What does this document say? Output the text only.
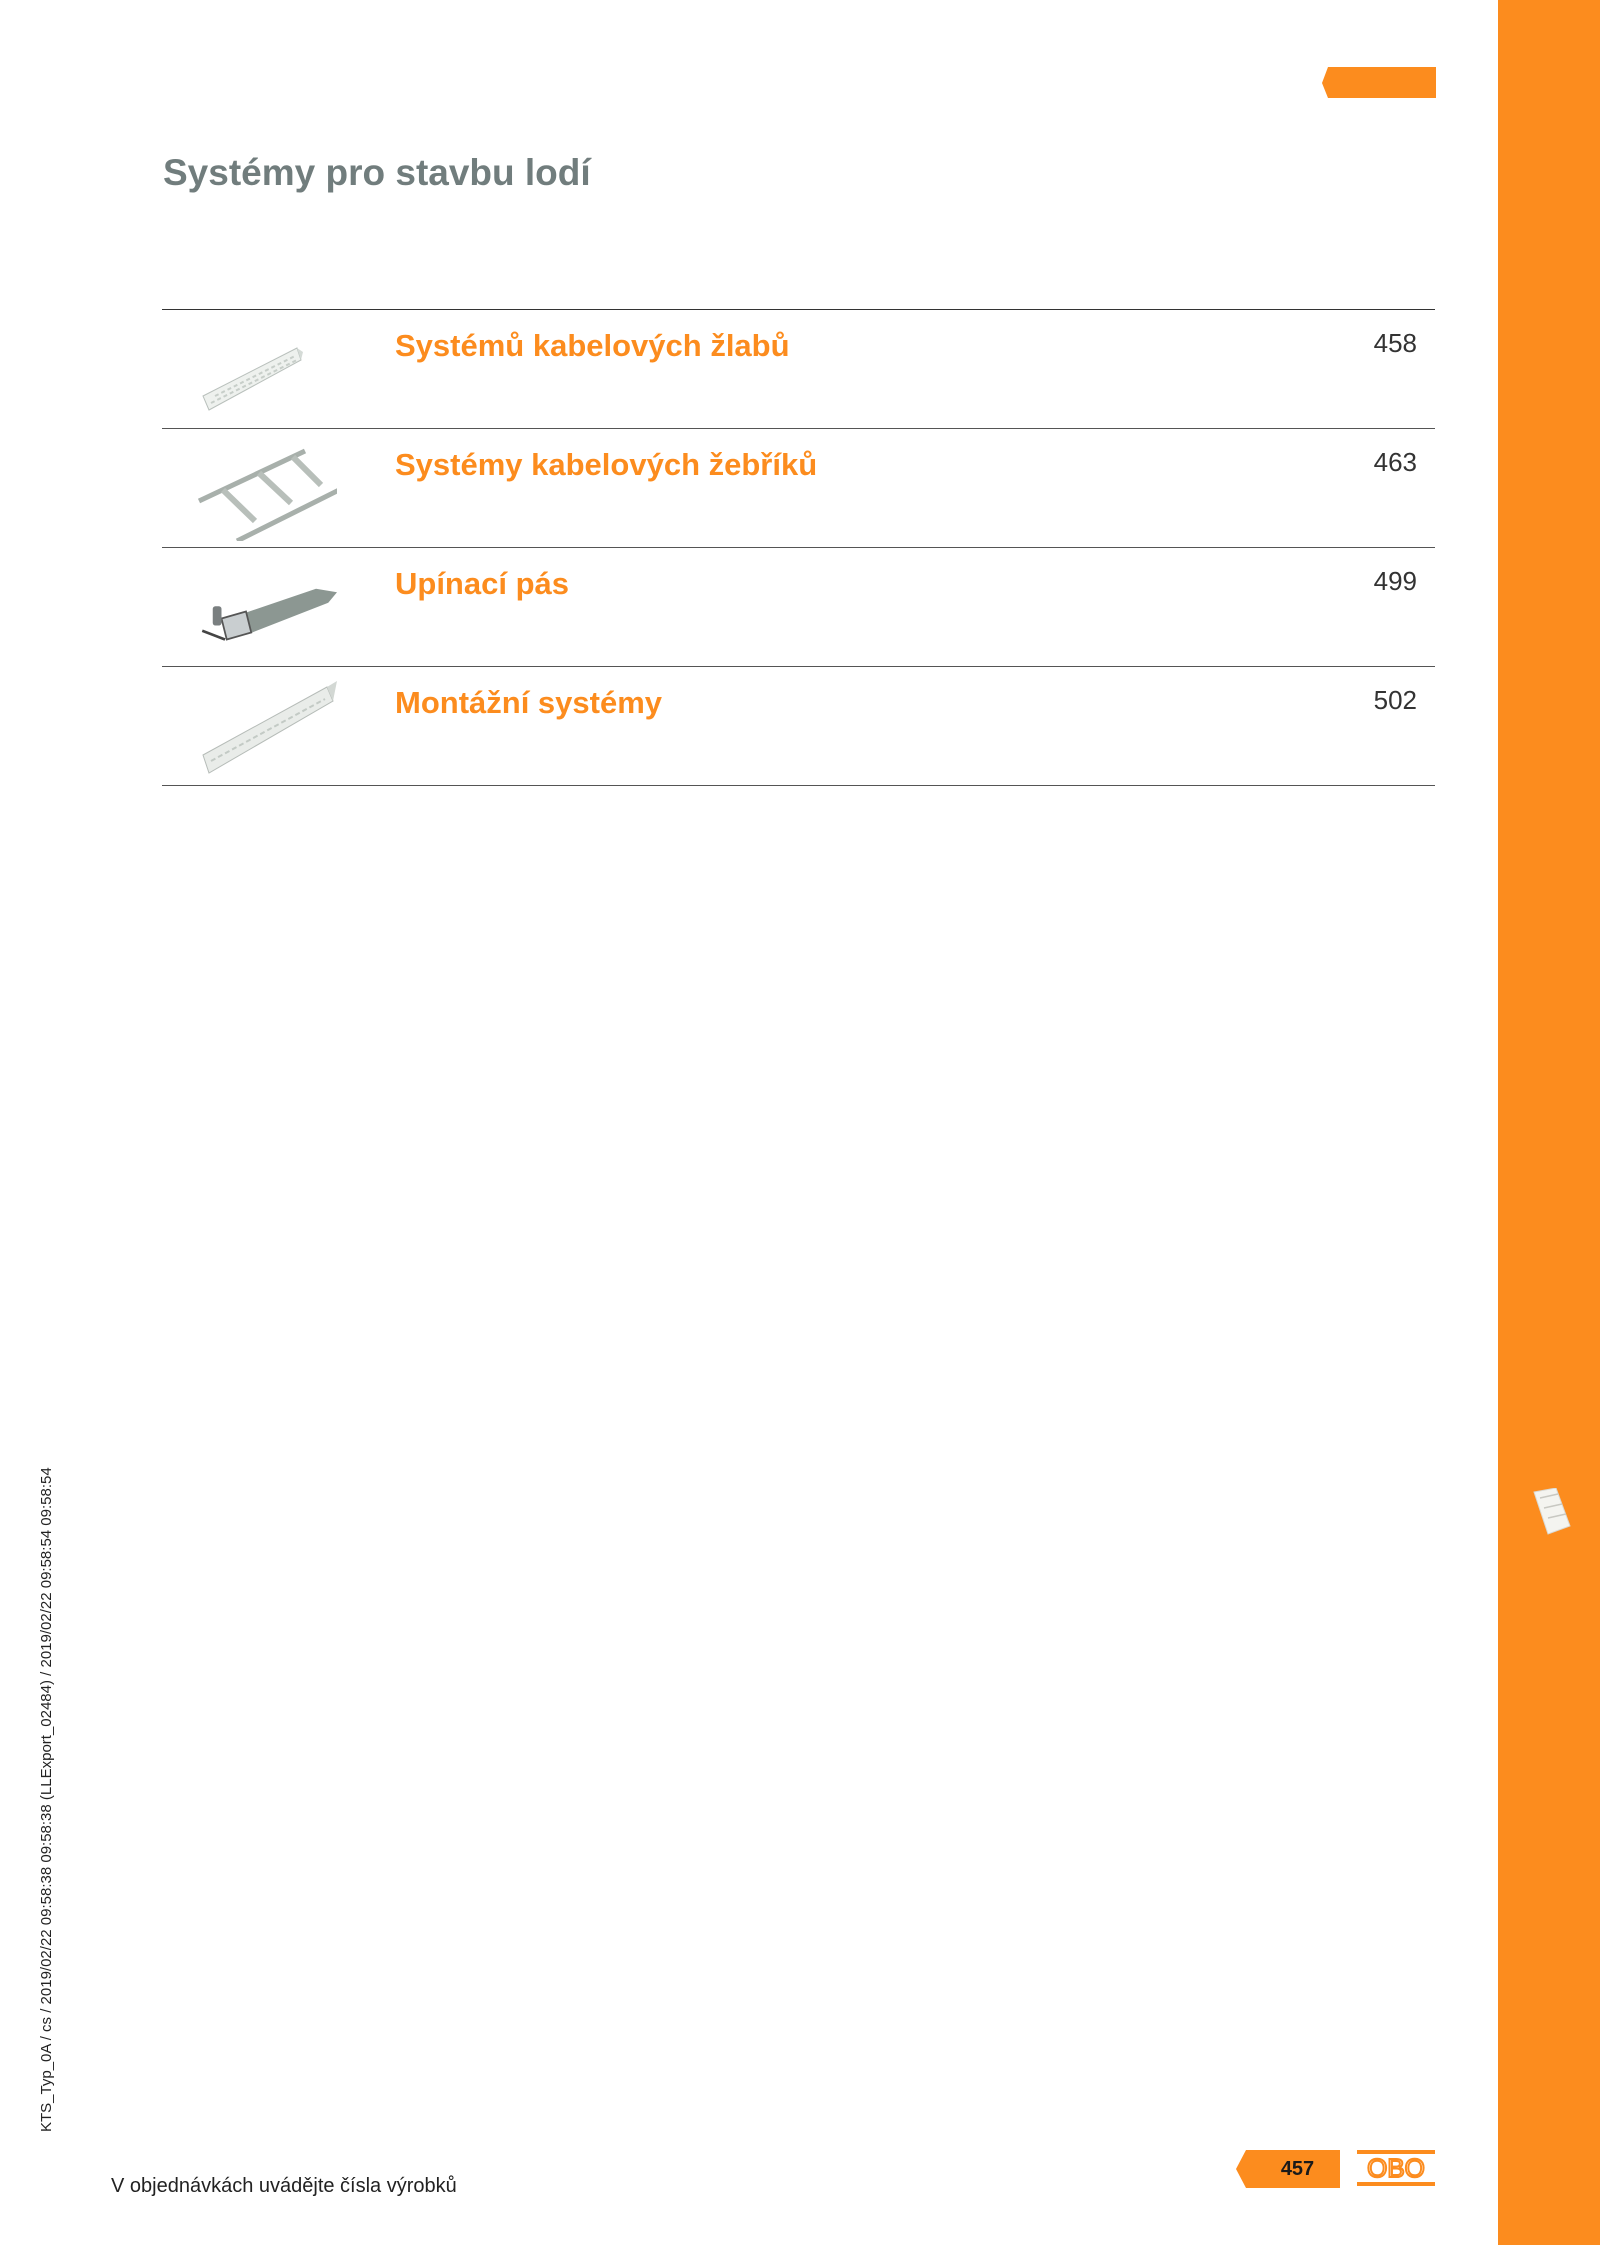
Systémy pro stavbu lodí
Systémů kabelových žlabů	458
Systémy kabelových žebříků	463
Upínací pás	499
Montážní systémy	502
KTS_Typ_0A / cs / 2019/02/22 09:58:38 09:58:38 (LLExport_02484) / 2019/02/22 09:58:54 09:58:54
V objednávkách uvádějte čísla výrobků
457	OBO
